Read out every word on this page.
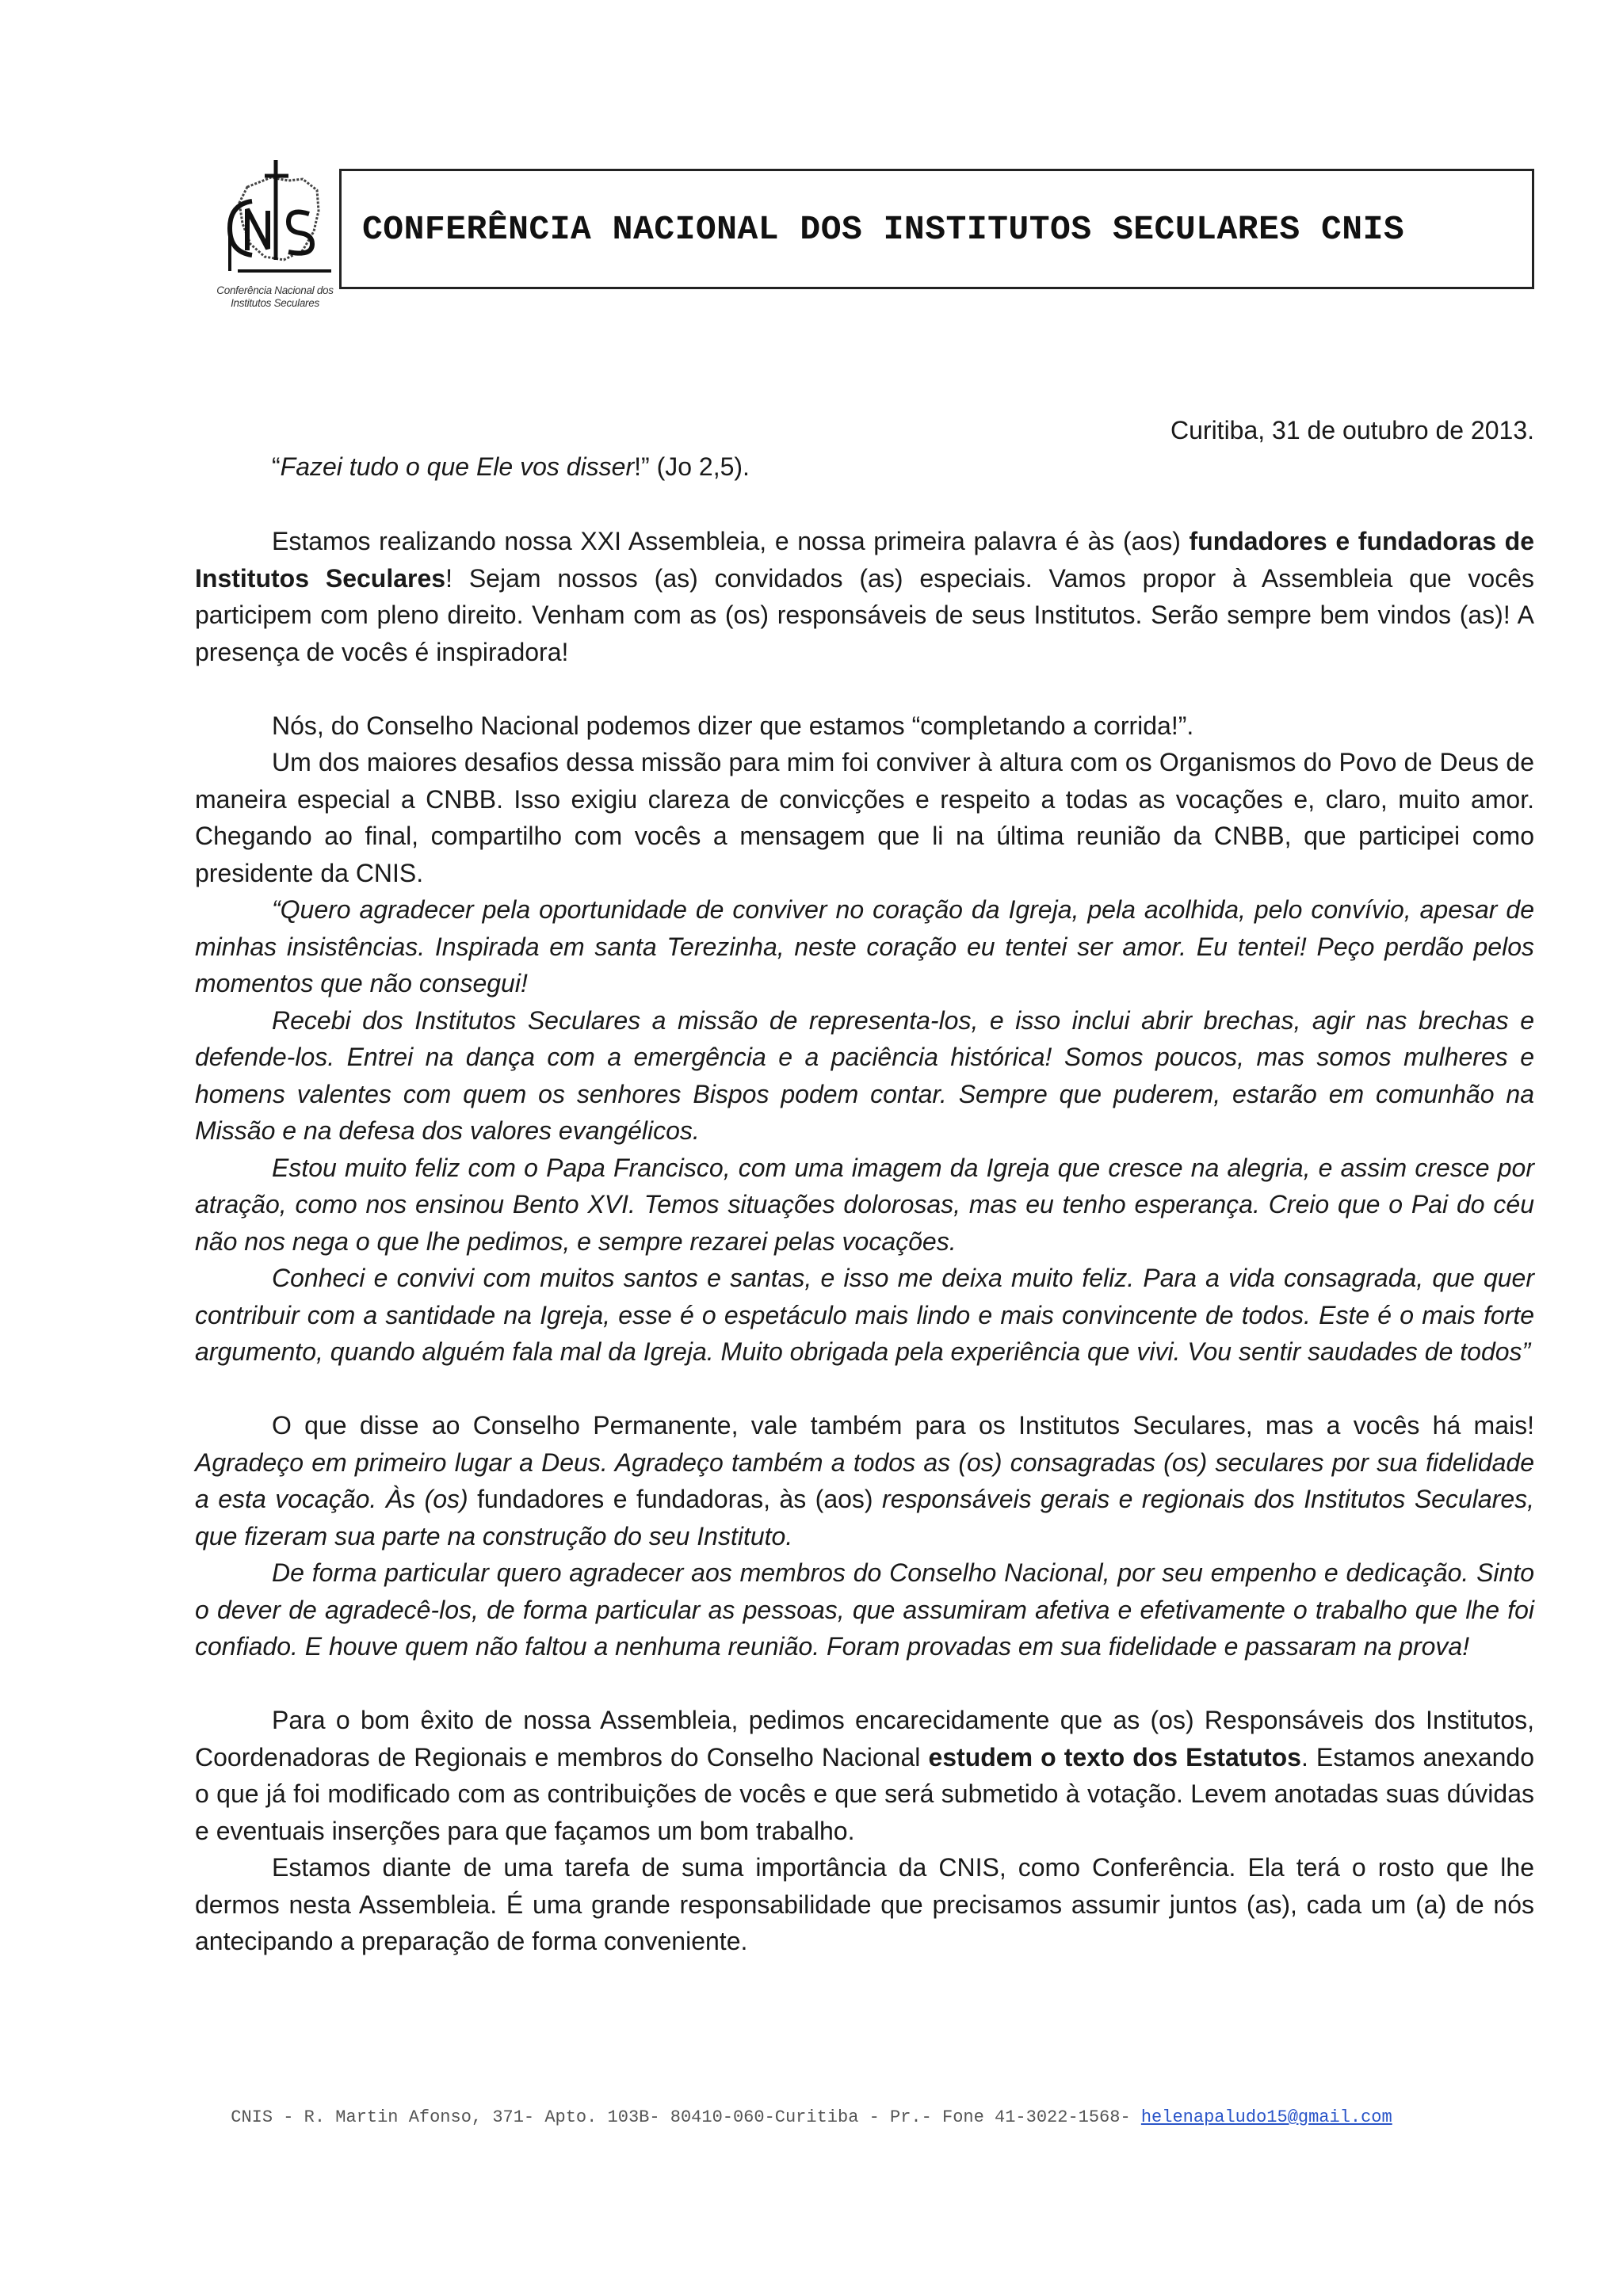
Conferência Nacional dos Institutos Seculares
CONFERÊNCIA NACIONAL DOS INSTITUTOS SECULARES CNIS
Curitiba, 31 de outubro de 2013.
“Fazei tudo o que Ele vos disser!” (Jo 2,5).

Estamos realizando nossa XXI Assembleia, e nossa primeira palavra é às (aos) fundadores e fundadoras de Institutos Seculares! Sejam nossos (as) convidados (as) especiais. Vamos propor à Assembleia que vocês participem com pleno direito. Venham com as (os) responsáveis de seus Institutos. Serão sempre bem vindos (as)! A presença de vocês é inspiradora!

Nós, do Conselho Nacional podemos dizer que estamos “completando a corrida!”.

Um dos maiores desafios dessa missão para mim foi conviver à altura com os Organismos do Povo de Deus de maneira especial a CNBB. Isso exigiu clareza de convicções e respeito a todas as vocações e, claro, muito amor. Chegando ao final, compartilho com vocês a mensagem que li na última reunião da CNBB, que participei como presidente da CNIS.

“Quero agradecer pela oportunidade de conviver no coração da Igreja, pela acolhida, pelo convívio, apesar de minhas insistências. Inspirada em santa Terezinha, neste coração eu tentei ser amor. Eu tentei! Peço perdão pelos momentos que não consegui!

Recebi dos Institutos Seculares a missão de representa-los, e isso inclui abrir brechas, agir nas brechas e defende-los. Entrei na dança com a emergência e a paciência histórica! Somos poucos, mas somos mulheres e homens valentes com quem os senhores Bispos podem contar. Sempre que puderem, estarão em comunhão na Missão e na defesa dos valores evangélicos.

Estou muito feliz com o Papa Francisco, com uma imagem da Igreja que cresce na alegria, e assim cresce por atração, como nos ensinou Bento XVI. Temos situações dolorosas, mas eu tenho esperança. Creio que o Pai do céu não nos nega o que lhe pedimos, e sempre rezarei pelas vocações.

Conheci e convivi com muitos santos e santas, e isso me deixa muito feliz. Para a vida consagrada, que quer contribuir com a santidade na Igreja, esse é o espetáculo mais lindo e mais convincente de todos. Este é o mais forte argumento, quando alguém fala mal da Igreja. Muito obrigada pela experiência que vivi. Vou sentir saudades de todos”

O que disse ao Conselho Permanente, vale também para os Institutos Seculares, mas a vocês há mais! Agradeço em primeiro lugar a Deus. Agradeço também a todos as (os) consagradas (os) seculares por sua fidelidade a esta vocação. Às (os) fundadores e fundadoras, às (aos) responsáveis gerais e regionais dos Institutos Seculares, que fizeram sua parte na construção do seu Instituto.

De forma particular quero agradecer aos membros do Conselho Nacional, por seu empenho e dedicação. Sinto o dever de agradecê-los, de forma particular as pessoas, que assumiram afetiva e efetivamente o trabalho que lhe foi confiado. E houve quem não faltou a nenhuma reunião. Foram provadas em sua fidelidade e passaram na prova!

Para o bom êxito de nossa Assembleia, pedimos encarecidamente que as (os) Responsáveis dos Institutos, Coordenadoras de Regionais e membros do Conselho Nacional estudem o texto dos Estatutos. Estamos anexando o que já foi modificado com as contribuições de vocês e que será submetido à votação. Levem anotadas suas dúvidas e eventuais inserções para que façamos um bom trabalho.

Estamos diante de uma tarefa de suma importância da CNIS, como Conferência. Ela terá o rosto que lhe dermos nesta Assembleia. É uma grande responsabilidade que precisamos assumir juntos (as), cada um (a) de nós antecipando a preparação de forma conveniente.

CNIS - R. Martin Afonso, 371- Apto. 103B- 80410-060-Curitiba - Pr.- Fone 41-3022-1568- helenapaludo15@gmail.com
